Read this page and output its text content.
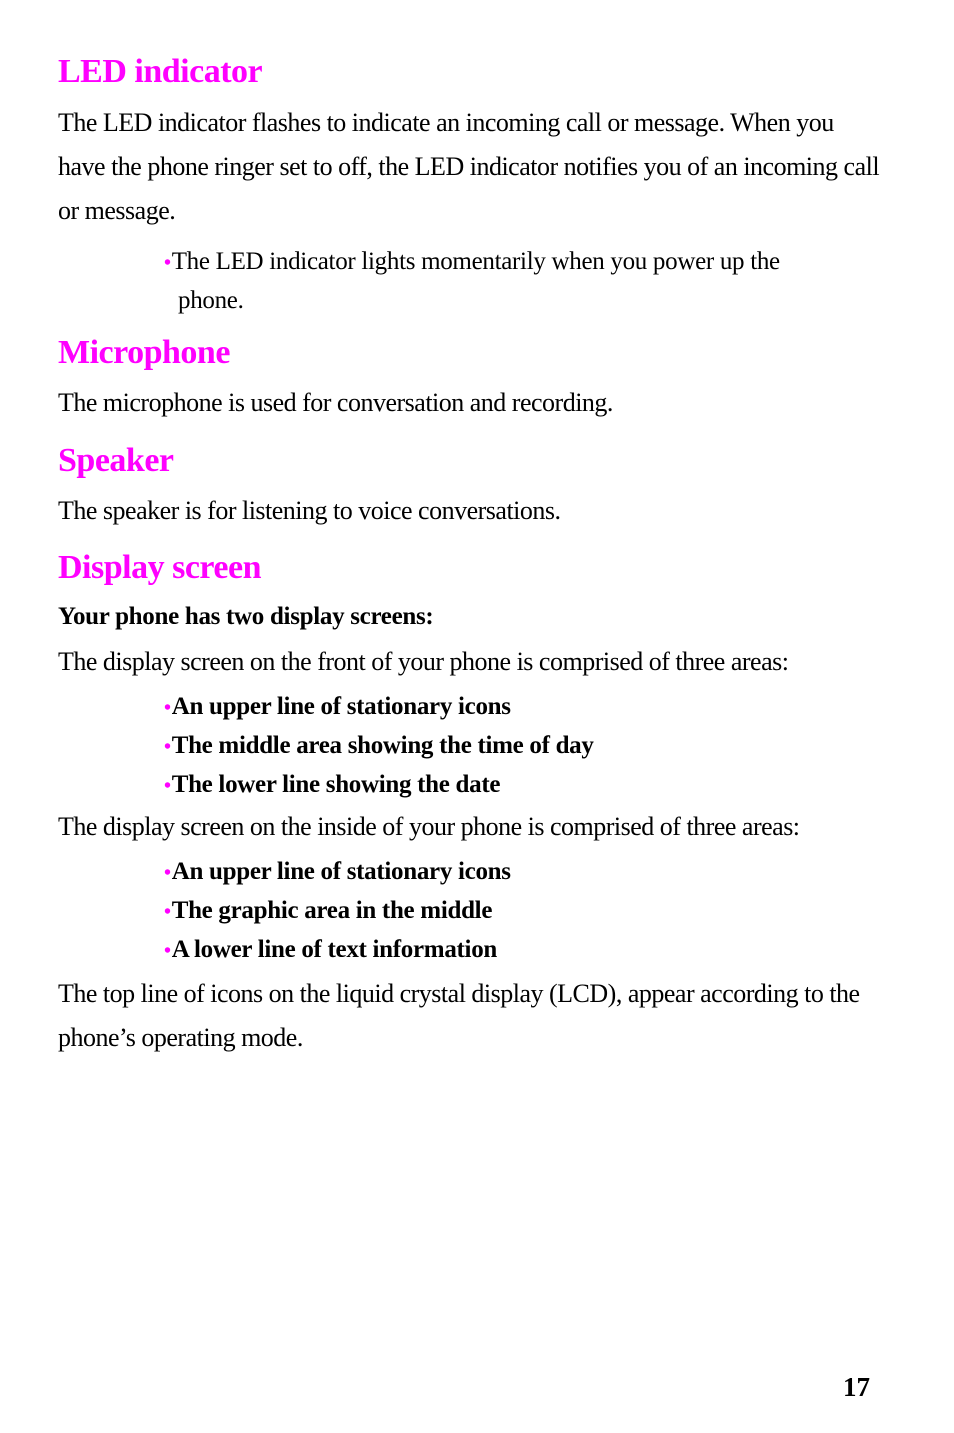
LED indicator

The LED indicator flashes to indicate an incoming call or message. When you have the phone ringer set to off, the LED indicator notifies you of an incoming call or message.

•The LED indicator lights momentarily when you power up the phone.
Microphone

The microphone is used for conversation and recording.

Speaker

The speaker is for listening to voice conversations.

Display screen

Your phone has two display screens:

The display screen on the front of your phone is comprised of three areas:

•An upper line of stationary icons
•The middle area showing the time of day
•The lower line showing the date

The display screen on the inside of your phone is comprised of three areas:

•An upper line of stationary icons
•The graphic area in the middle
•A lower line of text information

The top line of icons on the liquid crystal display (LCD), appear according to the phone’s operating mode.

17
